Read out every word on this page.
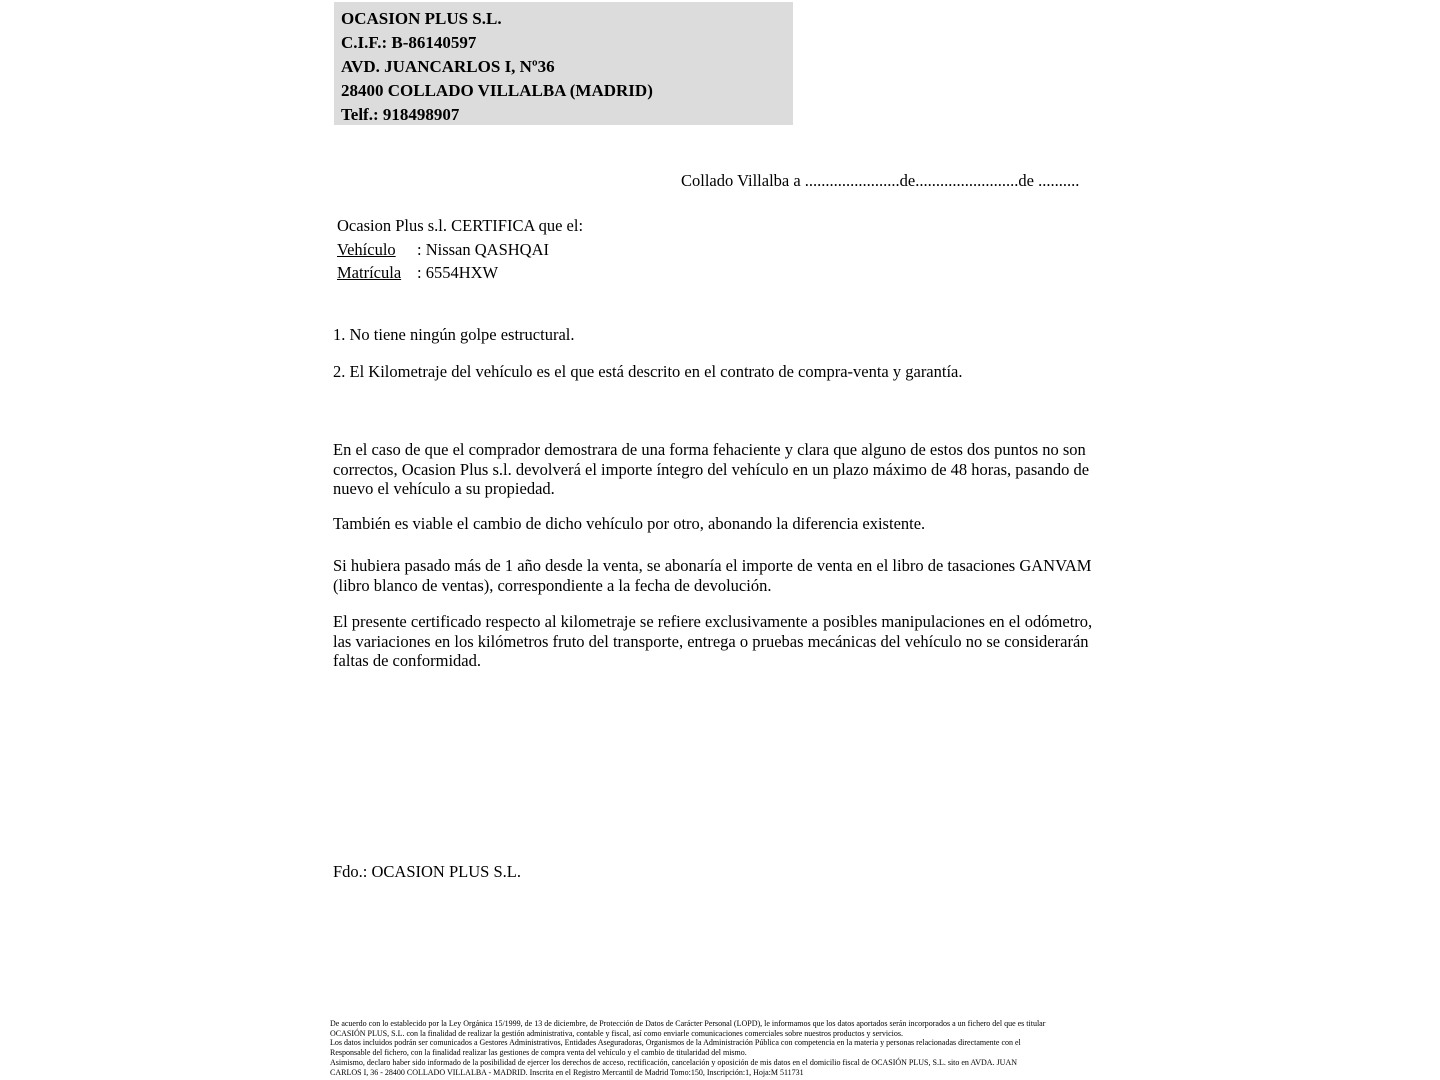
OCASION PLUS S.L.
C.I.F.: B-86140597
AVD. JUANCARLOS I, Nº36
28400 COLLADO VILLALBA (MADRID)
Telf.: 918498907
Collado Villalba a .......................de.........................de ..........
Ocasion Plus s.l. CERTIFICA que el:
Vehículo	: Nissan QASHQAI
Matrícula : 6554HXW
1. No tiene ningún golpe estructural.
2. El Kilometraje del vehículo es el que está descrito en el contrato de compra-venta y garantía.
En el caso de que el comprador demostrara de una forma fehaciente y clara que alguno de estos dos puntos no son correctos, Ocasion Plus s.l. devolverá el importe íntegro del vehículo en un plazo máximo de 48 horas, pasando de nuevo el vehículo a su propiedad.
También es viable el cambio de dicho vehículo por otro, abonando la diferencia existente.
Si hubiera pasado más de 1 año desde la venta, se abonaría el importe de venta en el libro de tasaciones GANVAM (libro blanco de ventas), correspondiente a la fecha de devolución.
El presente certificado respecto al kilometraje se refiere exclusivamente a posibles manipulaciones en el odómetro, las variaciones en los kilómetros fruto del transporte, entrega o pruebas mecánicas del vehículo no se considerarán faltas de conformidad.
Fdo.: OCASION PLUS S.L.
De acuerdo con lo establecido por la Ley Orgánica 15/1999, de 13 de diciembre, de Protección de Datos de Carácter Personal (LOPD), le informamos que los datos aportados serán incorporados a un fichero del que es titular
OCASIÓN PLUS, S.L. con la finalidad de realizar la gestión administrativa, contable y fiscal, así como enviarle comunicaciones comerciales sobre nuestros productos y servicios.
Los datos incluidos podrán ser comunicados a Gestores Administrativos, Entidades Aseguradoras, Organismos de la Administración Pública con competencia en la materia y personas relacionadas directamente con el
Responsable del fichero, con la finalidad realizar las gestiones de compra venta del vehículo y el cambio de titularidad del mismo.
Asimismo, declaro haber sido informado de la posibilidad de ejercer los derechos de acceso, rectificación, cancelación y oposición de mis datos en el domicilio fiscal de OCASIÓN PLUS, S.L. sito en AVDA. JUAN
CARLOS I, 36 - 28400 COLLADO VILLALBA - MADRID. Inscrita en el Registro Mercantil de Madrid Tomo:150, Inscripción:1, Hoja:M 511731
